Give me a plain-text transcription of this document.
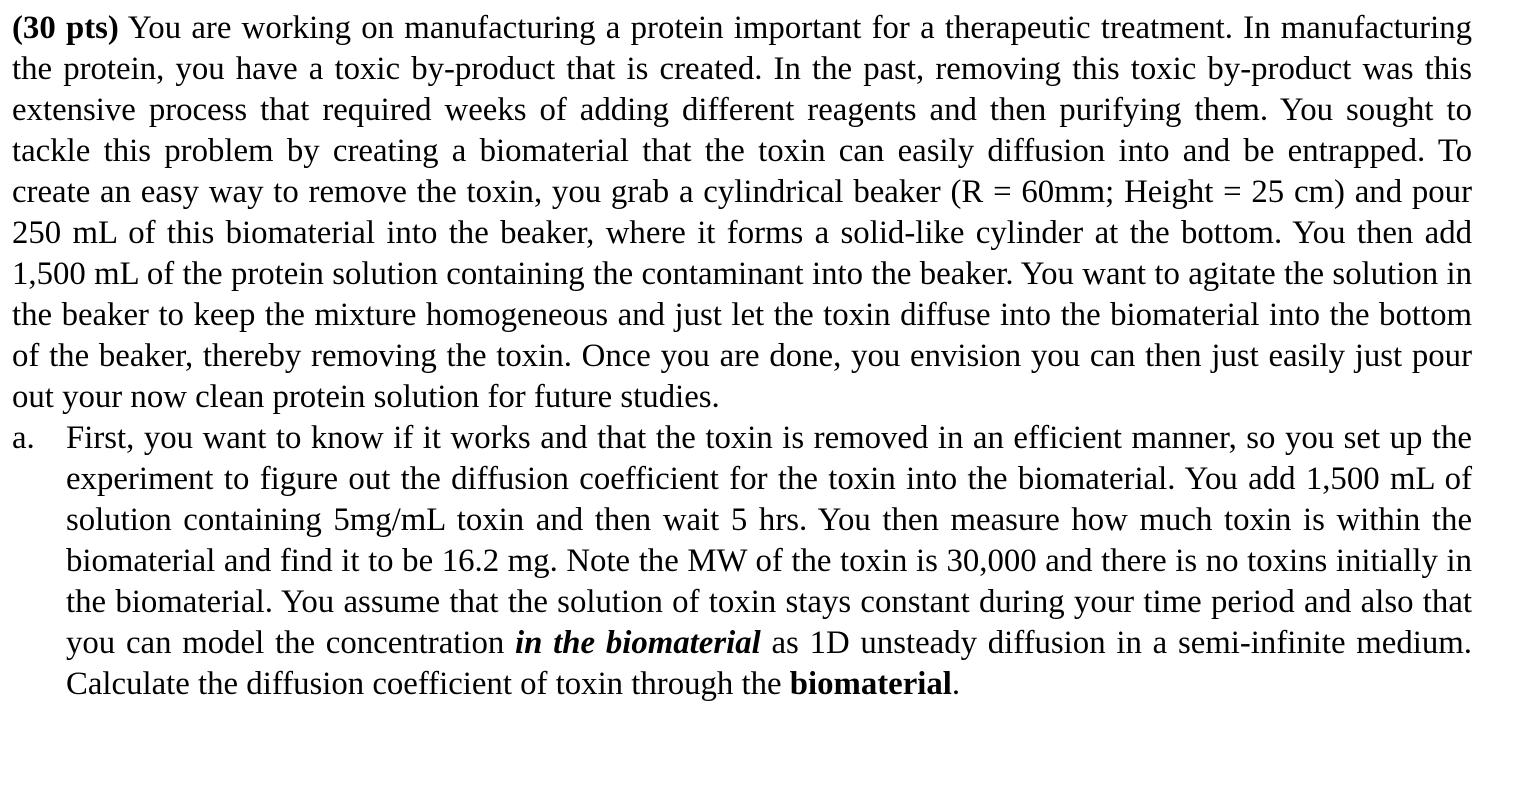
(30 pts) You are working on manufacturing a protein important for a therapeutic treatment. In manufacturing the protein, you have a toxic by-product that is created. In the past, removing this toxic by-product was this extensive process that required weeks of adding different reagents and then purifying them. You sought to tackle this problem by creating a biomaterial that the toxin can easily diffusion into and be entrapped. To create an easy way to remove the toxin, you grab a cylindrical beaker (R = 60mm; Height = 25 cm) and pour 250 mL of this biomaterial into the beaker, where it forms a solid-like cylinder at the bottom. You then add 1,500 mL of the protein solution containing the contaminant into the beaker. You want to agitate the solution in the beaker to keep the mixture homogeneous and just let the toxin diffuse into the biomaterial into the bottom of the beaker, thereby removing the toxin. Once you are done, you envision you can then just easily just pour out your now clean protein solution for future studies.

a. First, you want to know if it works and that the toxin is removed in an efficient manner, so you set up the experiment to figure out the diffusion coefficient for the toxin into the biomaterial. You add 1,500 mL of solution containing 5mg/mL toxin and then wait 5 hrs. You then measure how much toxin is within the biomaterial and find it to be 16.2 mg. Note the MW of the toxin is 30,000 and there is no toxins initially in the biomaterial. You assume that the solution of toxin stays constant during your time period and also that you can model the concentration in the biomaterial as 1D unsteady diffusion in a semi-infinite medium. Calculate the diffusion coefficient of toxin through the biomaterial.
